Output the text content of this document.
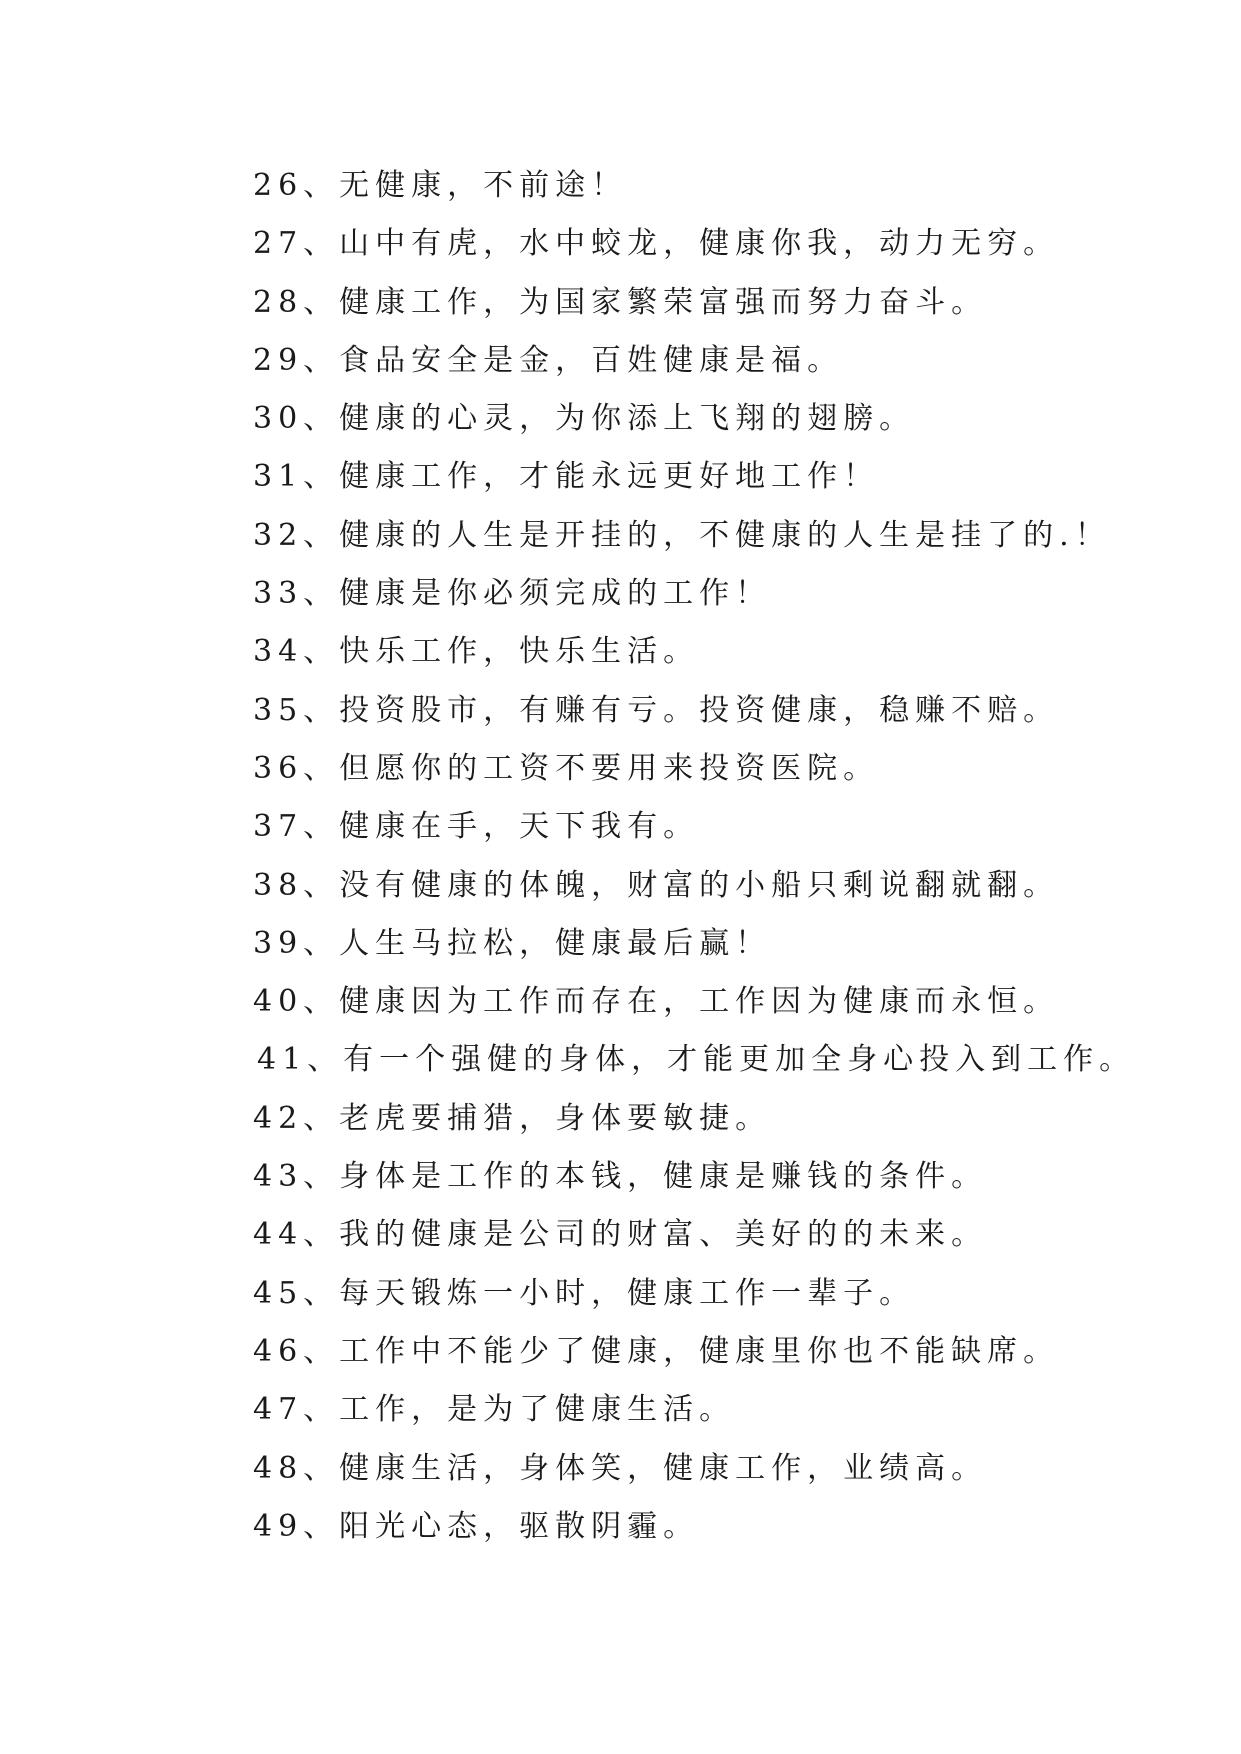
26、无健康，不前途！
27、山中有虎，水中蛟龙，健康你我，动力无穷。
28、健康工作，为国家繁荣富强而努力奋斗。
29、食品安全是金，百姓健康是福。
30、健康的心灵，为你添上飞翔的翅膀。
31、健康工作，才能永远更好地工作！
32、健康的人生是开挂的，不健康的人生是挂了的.！
33、健康是你必须完成的工作！
34、快乐工作，快乐生活。
35、投资股市，有赚有亏。投资健康，稳赚不赔。
36、但愿你的工资不要用来投资医院。
37、健康在手，天下我有。
38、没有健康的体魄，财富的小船只剩说翻就翻。
39、人生马拉松，健康最后赢！
40、健康因为工作而存在，工作因为健康而永恒。
41、有一个强健的身体，才能更加全身心投入到工作。
42、老虎要捕猎，身体要敏捷。
43、身体是工作的本钱，健康是赚钱的条件。
44、我的健康是公司的财富、美好的的未来。
45、每天锻炼一小时，健康工作一辈子。
46、工作中不能少了健康，健康里你也不能缺席。
47、工作，是为了健康生活。
48、健康生活，身体笑，健康工作，业绩高。
49、阳光心态，驱散阴霾。
